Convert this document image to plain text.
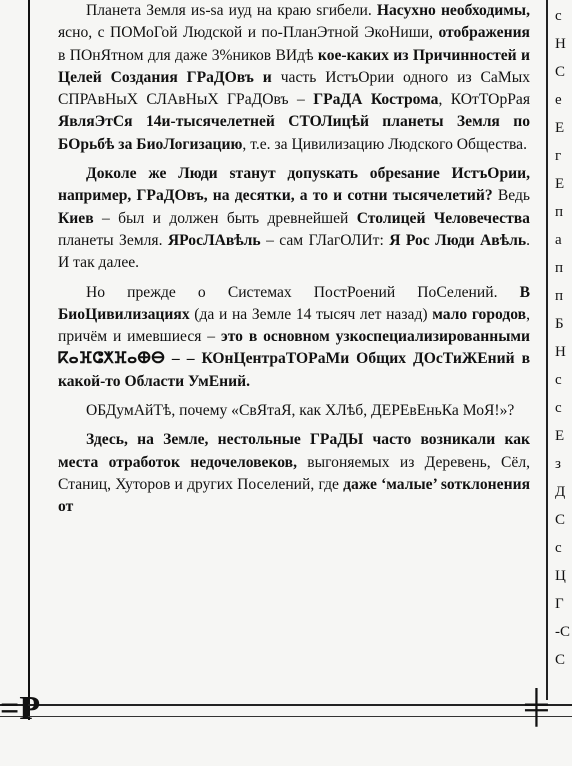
Планета Земля иѕ-ѕа иуд на краю ѕгибели. Насухно необходимы, ясно, с ПОМоГой Людской и по-ПланЭтной ЭкоНиши, отображения в ПОнЯтном для даже 3%ников ВИдѣ кое-каких из Причинностей и Целей Создания ГРаДОвъ и часть ИстъОрии одного из СаМых СПРАвНыХ СЛАвНыХ ГРаДОвъ – ГРаДА Кострома, КОтТОрРая ЯвляЭтСя 14и-тысячелетней СТОЛицѣй планеты Земля по БОрьбѣ за БиоЛогизацию, т.е. за Цивилизацию Людского Общества.

Доколе же Люди ѕтанут допуѕкать обреѕание ИстъОрии, например, ГРаДОвъ, на десятки, а то и сотни тысячелетий? Ведь Киев – был и должен быть древнейшей Столицей Человечества планеты Земля. ЯРосЛАвѣль – сам ГЛагОЛИт: Я Рос Люди Авѣль. И так далее.

Но прежде о Системах ПостРоений ПоСелений. В БиоЦивилизациях (да и на Земле 14 тысяч лет назад) мало городов, причём и имевшиеся – это в основном узкоспециализированными ⴽⴰⴼⵛⵅⴼⴰⴲⴱ – – КОнЦентраТОРаМи Общих ДОсТиЖЕний в какой-то Области УмЕний.

ОБДумАйТѣ, почему «СвЯтаЯ, как ХЛѣб, ДЕРЕвЕньКа МоЯ!»?

Здесь, на Земле, нестольные ГРаДЫ часто возникали как места отработок недочеловеков, выгоняемых из Деревень, Сёл, Станиц, Хуторов и других Поселений, где даже ‘малые’ ѕотклонения от

с
Н
С
е
Е
г
Е
п
а
п
п
Б
Н
с
с
Е
з
Д
С
с
Ц
Г
-С
С
=P	╪
